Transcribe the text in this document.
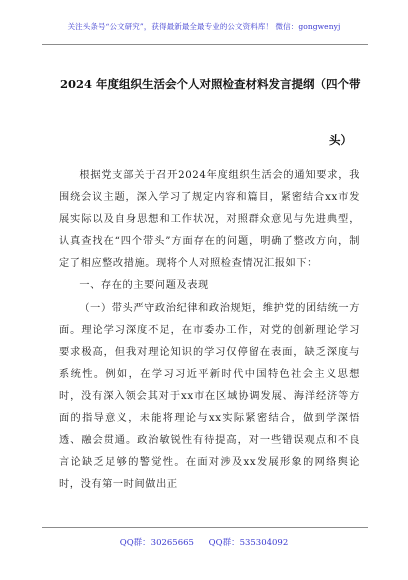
关注头条号“公文研究”，获得最新最全最专业的公文资料库！ 微信：gongwenyj
2024 年度组织生活会个人对照检查材料发言提纲（四个带
头）

根据党支部关于召开2024年度组织生活会的通知要求，我围绕会议主题，深入学习了规定内容和篇目，紧密结合xx市发展实际以及自身思想和工作状况，对照群众意见与先进典型，认真查找在“四个带头”方面存在的问题，明确了整改方向，制定了相应整改措施。现将个人对照检查情况汇报如下：

一、存在的主要问题及表现

（一）带头严守政治纪律和政治规矩，维护党的团结统一方面。理论学习深度不足，在市委办工作，对党的创新理论学习要求极高，但我对理论知识的学习仅停留在表面，缺乏深度与系统性。例如，在学习习近平新时代中国特色社会主义思想时，没有深入领会其对于xx市在区域协调发展、海洋经济等方面的指导意义，未能将理论与xx实际紧密结合，做到学深悟透、融会贯通。政治敏锐性有待提高，对一些错误观点和不良言论缺乏足够的警觉性。在面对涉及xx发展形象的网络舆论时，没有第一时间做出正

QQ群：30265665 QQ群：535304092
